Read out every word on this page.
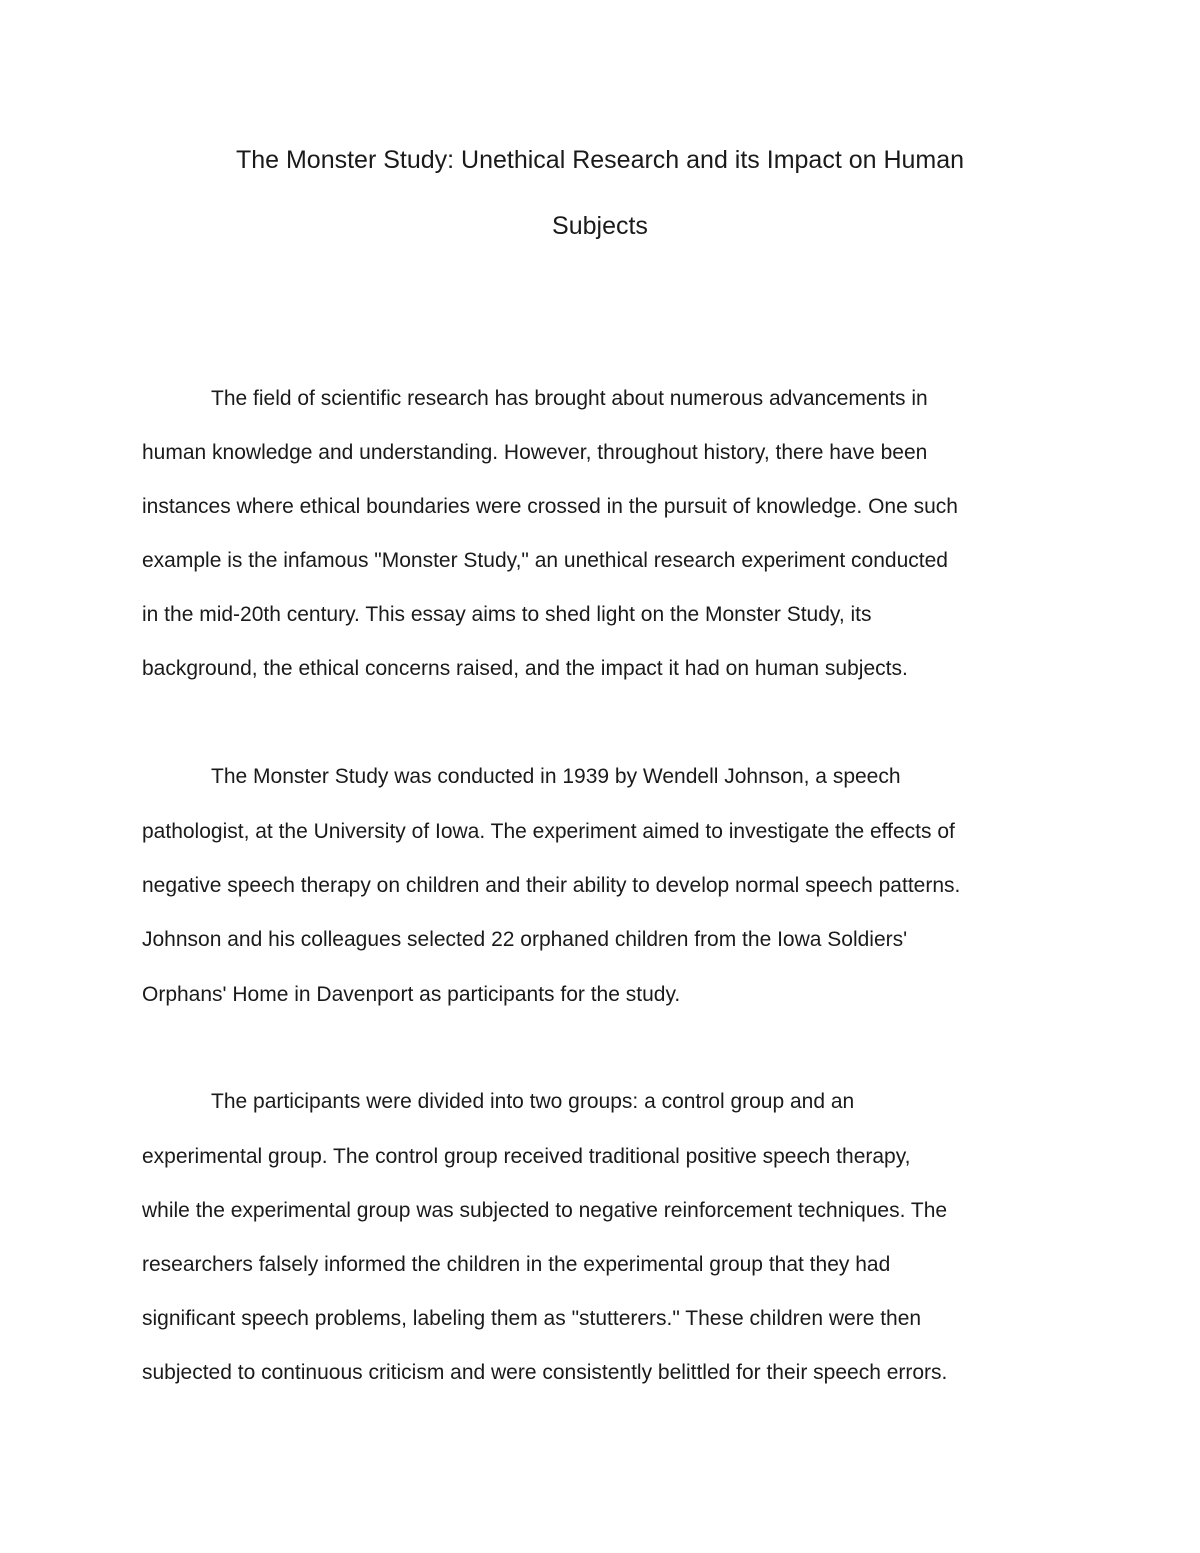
The Monster Study: Unethical Research and its Impact on Human
Subjects

The field of scientific research has brought about numerous advancements in

human knowledge and understanding. However, throughout history, there have been

instances where ethical boundaries were crossed in the pursuit of knowledge. One such

example is the infamous "Monster Study," an unethical research experiment conducted

in the mid-20th century. This essay aims to shed light on the Monster Study, its

background, the ethical concerns raised, and the impact it had on human subjects.

The Monster Study was conducted in 1939 by Wendell Johnson, a speech

pathologist, at the University of Iowa. The experiment aimed to investigate the effects of

negative speech therapy on children and their ability to develop normal speech patterns.

Johnson and his colleagues selected 22 orphaned children from the Iowa Soldiers'

Orphans' Home in Davenport as participants for the study.

The participants were divided into two groups: a control group and an

experimental group. The control group received traditional positive speech therapy,

while the experimental group was subjected to negative reinforcement techniques. The

researchers falsely informed the children in the experimental group that they had

significant speech problems, labeling them as "stutterers." These children were then

subjected to continuous criticism and were consistently belittled for their speech errors.
